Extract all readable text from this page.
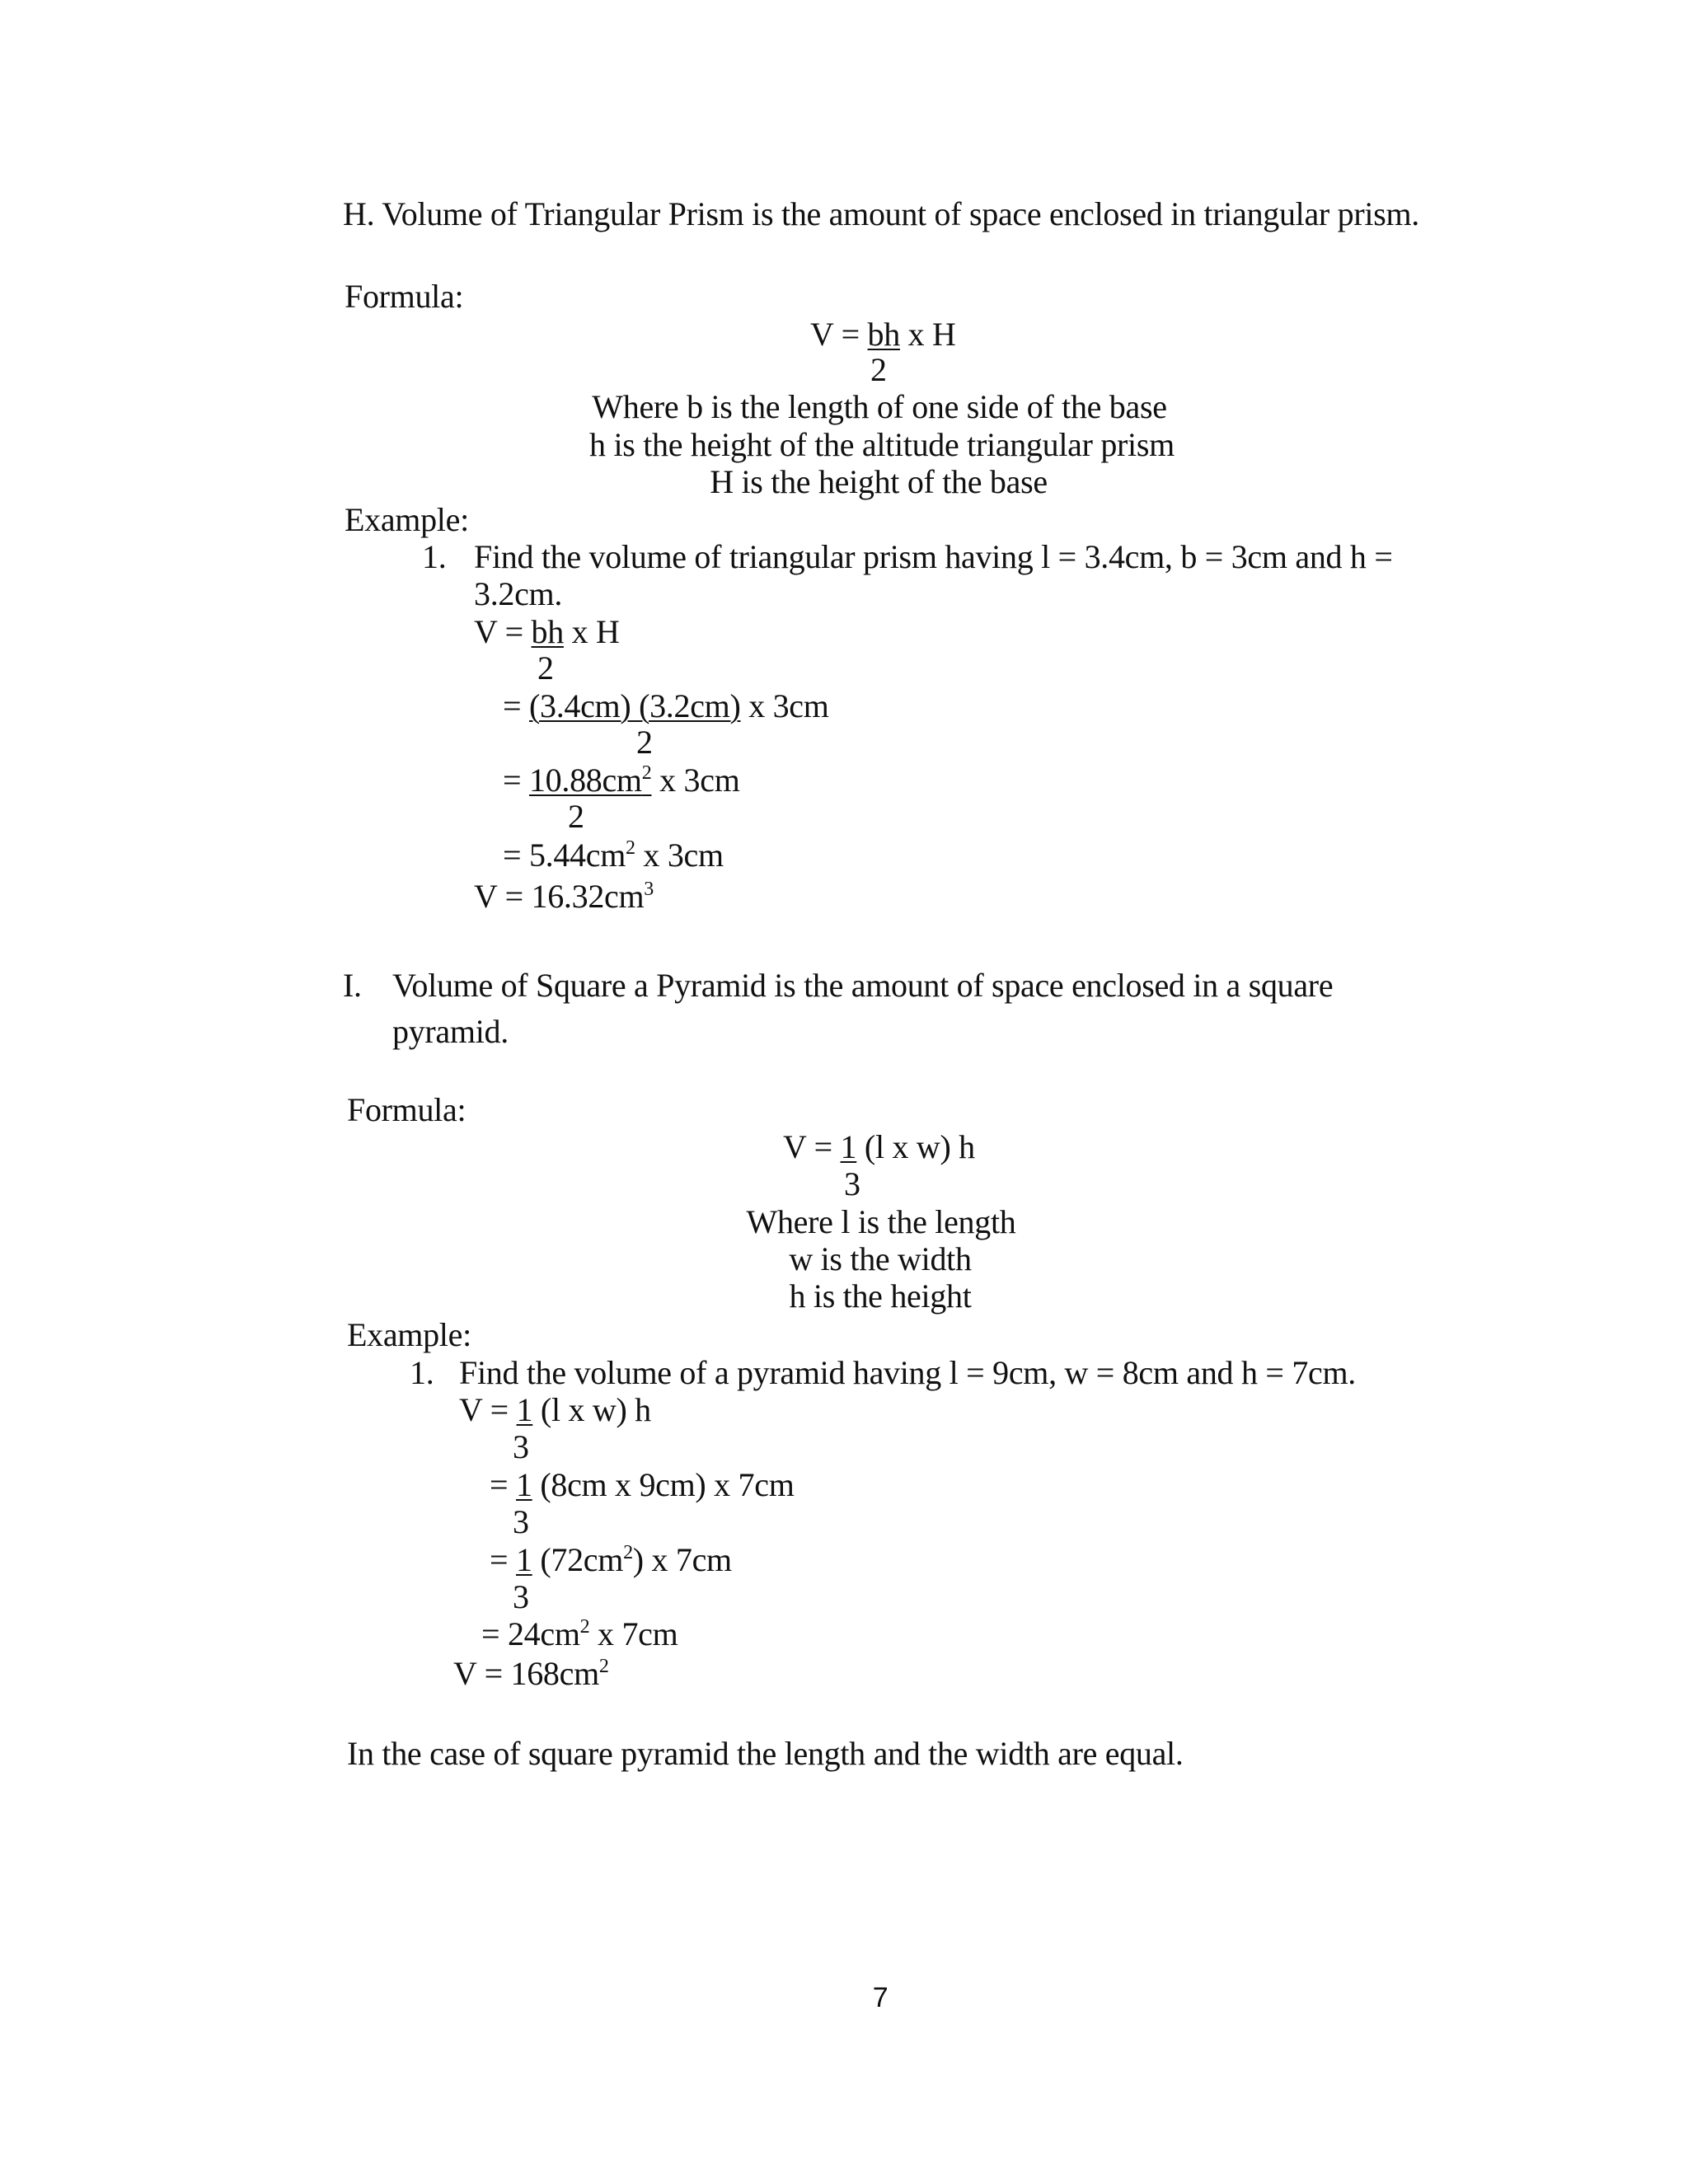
H. Volume of Triangular Prism is the amount of space enclosed in triangular prism.
Formula:
V = bh x H
2
Where b is the length of one side of the base
h is the height of the altitude triangular prism
H is the height of the base
Example:
1. Find the volume of triangular prism having l = 3.4cm, b = 3cm and h =
3.2cm.
V = bh x H
2
= (3.4cm) (3.2cm) x 3cm
2
= $10.88cm^2$ x 3cm
2
= $5.44cm^2$ x 3cm
$V = 16.32cm^3$
I. Volume of Square a Pyramid is the amount of space enclosed in a square
pyramid.
Formula:
V = 1 (l x w) h
3
Where l is the length
w is the width
h is the height
Example:
1. Find the volume of a pyramid having l = 9cm, w = 8cm and h = 7cm.
V = 1 (l x w) h
3
= 1 (8cm x 9cm) x 7cm
3
= 1 $(72cm^2)$ x 7cm
3
= $24cm^2$ x 7cm
$V = 168cm^2$
In the case of square pyramid the length and the width are equal.
7
